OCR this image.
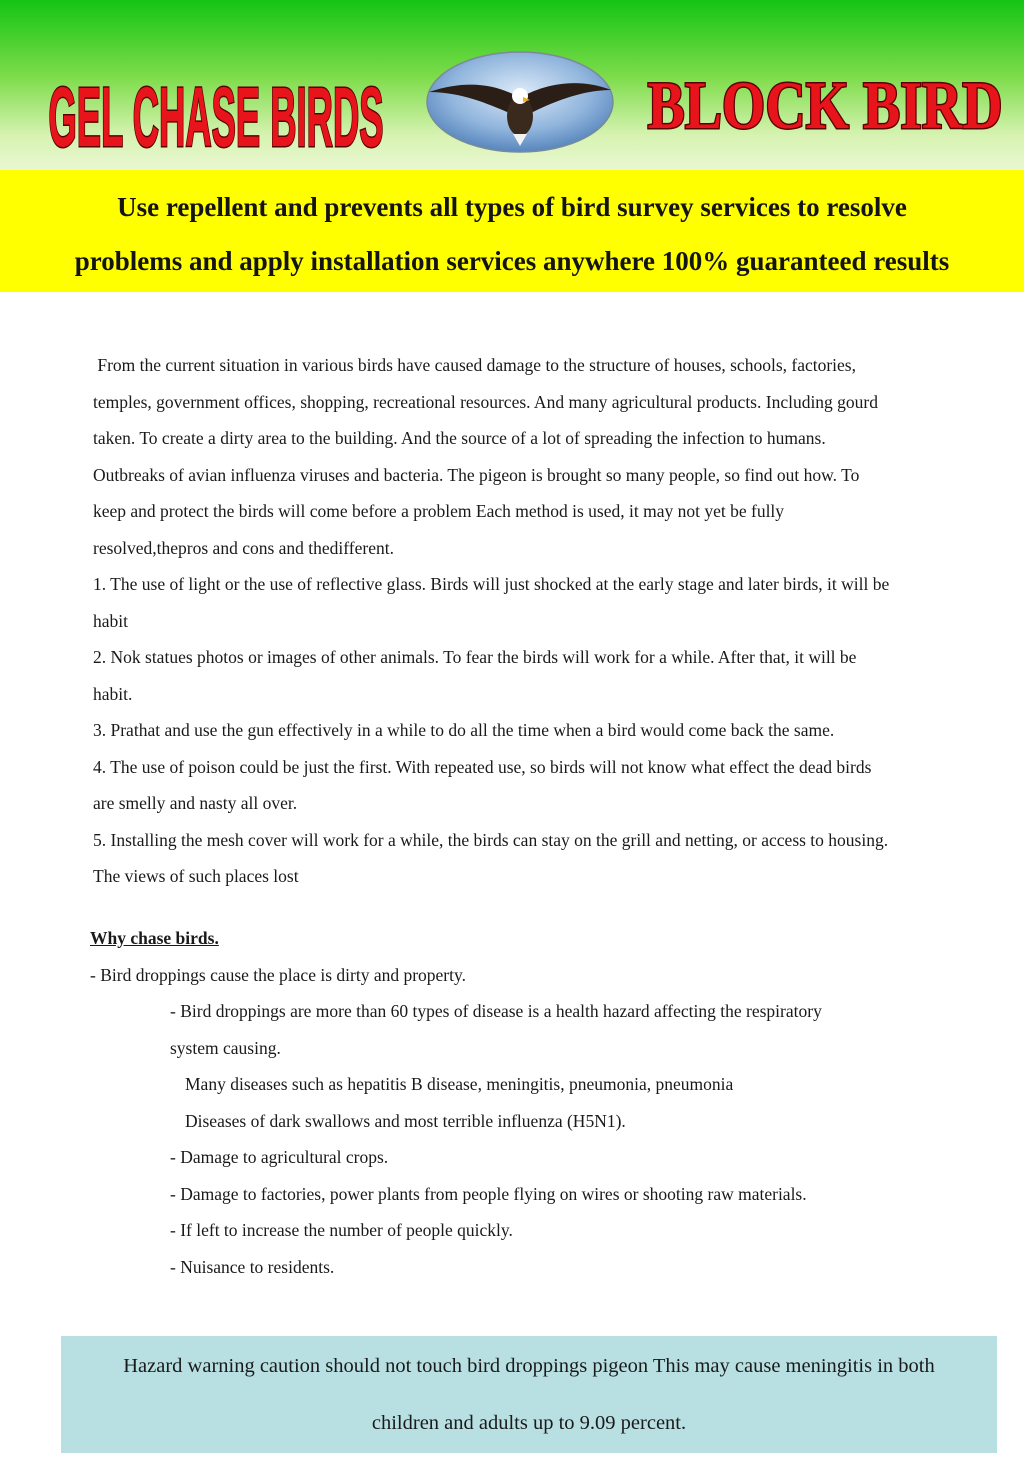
GEL CHASE BIRDS	BLOCK BIRD
Use repellent and prevents all types of bird survey services to resolve
problems and apply installation services anywhere 100% guaranteed results

From the current situation in various birds have caused damage to the structure of houses, schools, factories,

temples, government offices, shopping, recreational resources. And many agricultural products. Including gourd

taken. To create a dirty area to the building. And the source of a lot of spreading the infection to humans.

Outbreaks of avian influenza viruses and bacteria. The pigeon is brought so many people, so find out how. To

keep and protect the birds will come before a problem Each method is used, it may not yet be fully

resolved,thepros and cons and thedifferent.

1. The use of light or the use of reflective glass. Birds will just shocked at the early stage and later birds, it will be

habit

2. Nok statues photos or images of other animals. To fear the birds will work for a while. After that, it will be

habit.

3. Prathat and use the gun effectively in a while to do all the time when a bird would come back the same.

4. The use of poison could be just the first. With repeated use, so birds will not know what effect the dead birds

are smelly and nasty all over.

5. Installing the mesh cover will work for a while, the birds can stay on the grill and netting, or access to housing.

The views of such places lost

Why chase birds.

- Bird droppings cause the place is dirty and property.

- Bird droppings are more than 60 types of disease is a health hazard affecting the respiratory

system causing.

Many diseases such as hepatitis B disease, meningitis, pneumonia, pneumonia

Diseases of dark swallows and most terrible influenza (H5N1).

- Damage to agricultural crops.

- Damage to factories, power plants from people flying on wires or shooting raw materials.

- If left to increase the number of people quickly.

- Nuisance to residents.

Hazard warning caution should not touch bird droppings pigeon This may cause meningitis in both
children and adults up to 9.09 percent.
